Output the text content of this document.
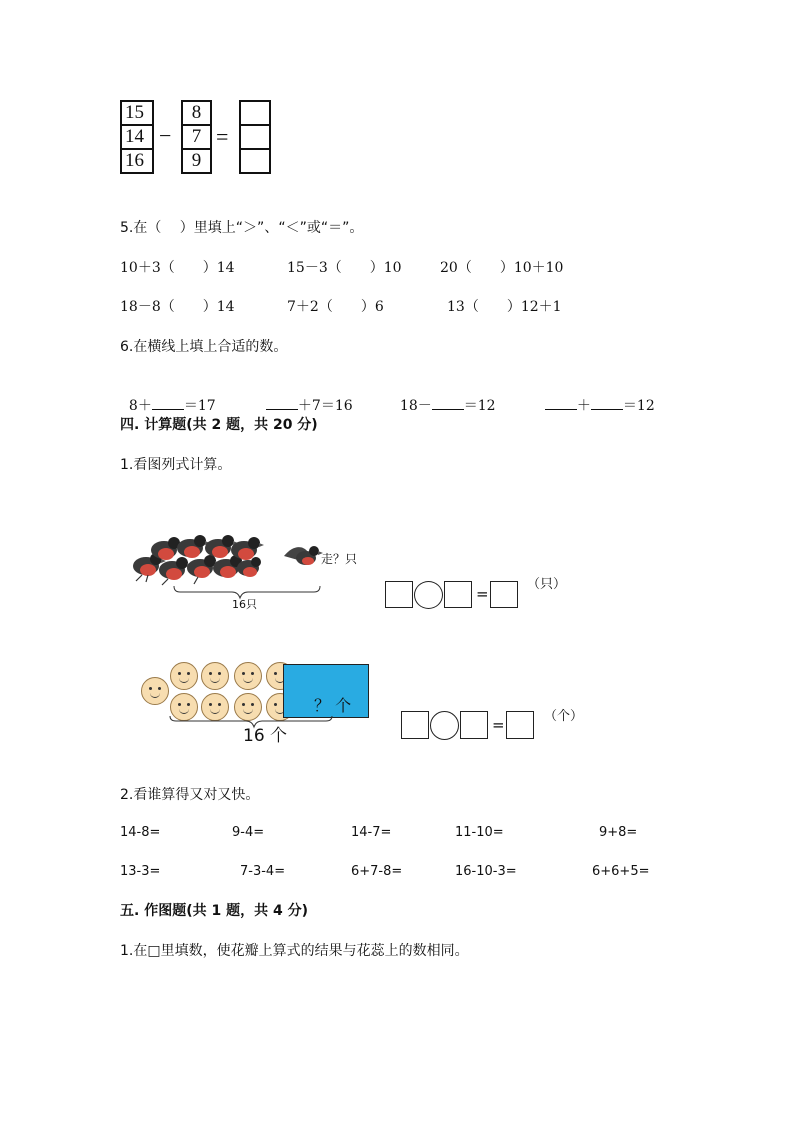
15
14
16
−
8
7
9
=
5.在（　 ）里填上“＞”、“＜”或“＝”。
10＋3（　　）14	15－3（　　）10	20（　　）10＋10
18－8（　　）14	7＋2（　　）6	13（　　）12＋1
6.在横线上填上合适的数。

8＋ ＝17	＋7＝16	18－ ＝12	＋ ＝12

四. 计算题(共 2 题，共 20 分)
1.看图列式计算。
走？只
16只
=
（只）
？ 个
16 个
=	（个）
2.看谁算得又对又快。
14-8=	9-4=	14-7=	11-10=	9+8=
13-3=	7-3-4=	6+7-8=	16-10-3=	6+6+5=
五. 作图题(共 1 题，共 4 分)
1.在□里填数，使花瓣上算式的结果与花蕊上的数相同。
